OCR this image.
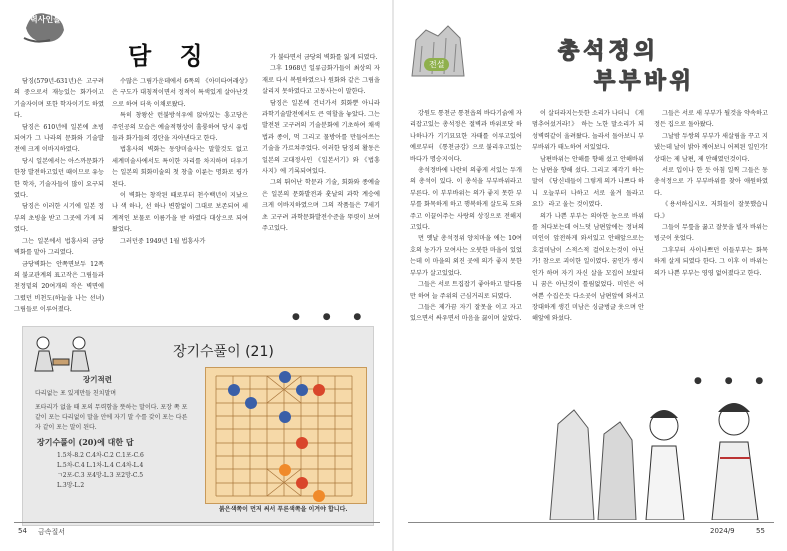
력사인물
담 징

담징(579년-631년)은 고구려의 중으로서 재능있는 화가이고 기술자이며 또한 학자이기도 하였다.

담징은 610년에 일본에 초빙되여가 그 나라의 문화와 기술발전에 크게 이바지하였다.

당시 일본에서는 아스까문화가 한창 발전하고있던 때이므로 유능한 학자, 기술자들이 많이 요구되였다.

담징은 이러한 시기에 일본 정부의 초빙을 받고 그곳에 가게 되였다.

그는 일본에서 법흥사의 금당벽화를 맡아 그리였다.

금당벽화는 안쪽면보두 12폭의 불교관계의 표고작은 그림들과 천정밑의 20여개의 작은 벽면에 그렸던 비천도(하늘을 나는 선녀)그림들로 이루어졌다.

수많은 그림가운데에서 6폭의 《아미타여래상》은 구도가 대칭적이면서 정적이 특색있게 살아난것으로 하여 더욱 이채로왔다.

특히 창왕산 런불방석우에 앉아있는 흥고당은 주인공의 모습은 예술적형상이 훌륭하여 당시 유럽들과 화가들의 경탄을 자아낸다고 한다.

법흥사의 벽화는 동양미술사는 말할것도 없고 세계미술사에서도 특이한 자리를 차지하며 더우기는 일본의 회화미술의 첫 창출 이룬는 명화로 평가된다.

이 벽화는 창작된 때로부터 천수백년이 지났으나 색 하나, 선 하나 변함없이 그대로 보존되여 세계적인 보물로 이름가을 받 하였다 대상으로 되여왔었다.

그러던중 1949년 1월 법흥사가

가 불타면서 금당의 벽화를 잃게 되였다.

그후 1968년 일류급화가들이 최상의 자재로 다시 복원하였으나 원화와 같은 그림을 살리지 못하였다고 고동사는이 말한다.

담징은 일본에 건너가서 회화뿐 아니라 과학기술발전에서도 큰 역할을 놓았다. 그는 발전된 고구려의 기술분화에 기초하여 채색법과 종이, 먹 그리고 물방아를 만들어쓰는 기술을 가르쳐주었다. 이러한 담징의 활동은 일본의 고대정사인 《일본서기》와 《법흥사지》에 기록되여있다.

그의 뛰어난 학문과 기술, 회화와 종예술은 일본의 문화발전과 훗날의 과학 계승에 크게 이바지하였으며 그의 작품들은 7세기초 고구려 과학문화발전수준을 뚜렷이 보여주고있다.

● ● ●
장기수풀이 (21)
장기적련
다리없는 포 있게만들 친치말며
포타리가 없을 때 포의 무력함을 뜻하는 말이다. 포장 쪽 포 같이 포는 다리없이 말을 안에 자기 말 수를 갖이 포는 다른 자 같이 포는 말이 된다.
장기수풀이 (20)에 대한 답
1.5차-8.2 C.4차-C.2 C.1포-C.6
L.5차-C.4 L.1차-L.4 C.4차-L.4
ㄱ2포-C.3 포4망-L.3 포2망-C.5
L.3망-L.2
붉은색쪽이 먼저 써서 푸른색쪽을 이겨야 합니다.
54 금속질서
전설
총석정의
부부바위

강원도 통천군 통천읍의 바다기슭에 자리잡고있는 총석정은 절벽과 바위로닷 하나하나가 기기묘묘한 자태를 이루고있어 예로부터 《통천금강》으로 불리우고있는 바다가 명승지이다.

총석정바에 나란히 의좋게 서있는 두개의 총석이 있다. 이 총석을 부부바위라고 부른다. 이 부부바위는 의가 좋지 못한 부부를 화목하게 하고 행복하게 살도록 도와주고 이끌어주는 사랑의 상징으로 전해지고있다.

먼 옛날 총석정위 양치마을 에는 10여호의 농가가 모여사는 오붓한 마을이 있었는데 이 마을의 외진 곳에 의가 좋지 못한 부부가 살고있었다.

그들은 서로 트집잡기 좋아하고 말다툼만 하여 늘 주위의 근심거리로 되였다.

그들은 제가끔 자기 잘못을 이고 자고 있으면서 싸우면서 마음을 끓이며 살았다.

이 살더라지는듯한 소리가 나더니 《게 멈추어섰거라!》 하는 노한 말소리가 되성벽력같이 울려왔다. 놀라서 돌아보니 부부바위가 태노하여 서있었다.

남편바위는 안해를 향해 섰고 안해바위는 남편을 향해 섰다. 그리고 제각기 하는 말이 《당신네들이 그렇게 의가 나쁘다 하니 오늘부터 나하고 서로 울겨 돌라고요!》 라고 울는 것이였다.

의가 나쁜 부부는 의아한 눈으로 바위를 처다보는데 어느덧 남편앞에는 정녀의 미인이 앞전하게 와서있고 안해앞으로는 호걸미남이 스적스적 걸어오는것이 아닌가! 참으로 괴이한 일이였다. 꿈인가 생시인가 하며 자기 자신 살을 꼬집어 보았더니 꿈은 아닌것이 틀림없었다. 미인은 어여쁜 수집은듯 다소곳이 남편앞에 와서고 장대하게 생긴 미남은 싱글벙글 웃으며 안해앞에 와섰다.

그들은 서로 새 부부가 될것을 약속하고 정든 집으로 돌아왔다.

그날밤 두쌍의 부부가 새살림을 꾸고 지냈는데 날이 밝아 깨어보니 어찌된 일인가! 상대는 제 남편, 제 안해였던것이다.

서로 입이나 한 듯 아침 일찍 그들은 동총석정으로 가 부부바위를 찾아 애원하였다.

《용서하십시오. 저희들이 잘못했습니다.》

그들이 무릎을 꿇고 잘못을 빌자 바위는 빙긋이 웃었다.

그후부터 사이나쁘던 이들부부는 화목하게 살게 되였다 한다. 그 이후 이 바위는 의가 나쁜 부부는 영영 없어졌다고 한다.

● ● ●
2024/9	55
